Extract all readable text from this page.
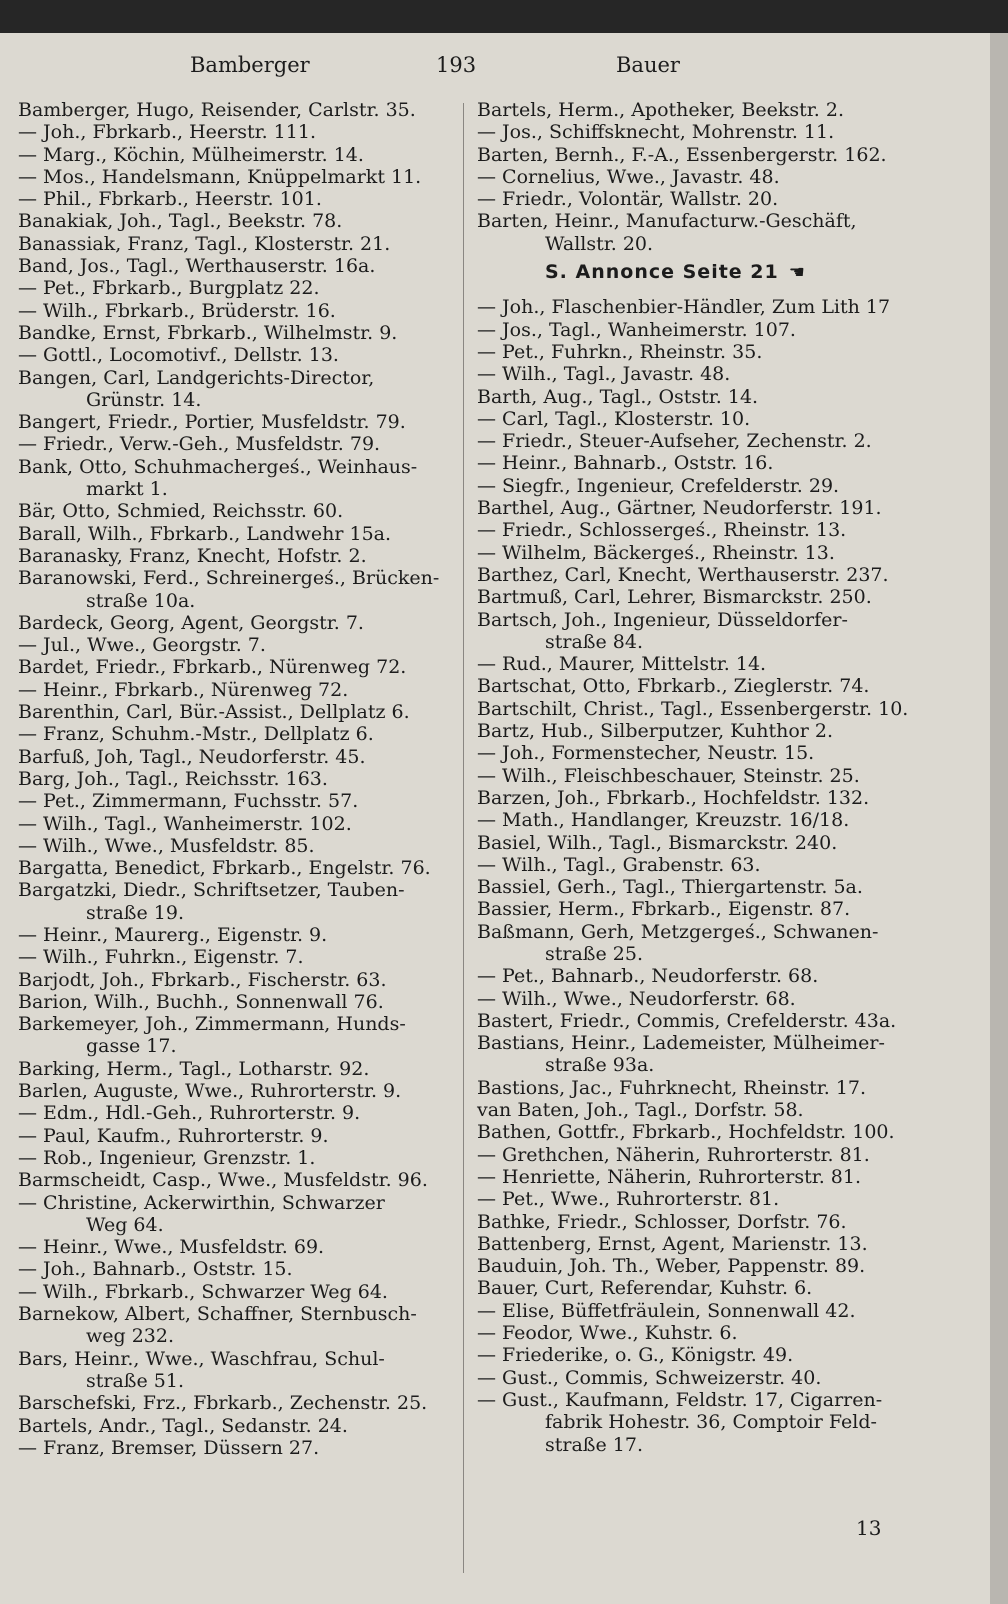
Bamberger	193	Bauer
Bamberger, Hugo, Reisender, Carlstr. 35.
— Joh., Fbrkarb., Heerstr. 111.
— Marg., Köchin, Mülheimerstr. 14.
— Mos., Handelsmann, Knüppelmarkt 11.
— Phil., Fbrkarb., Heerstr. 101.
Banakiak, Joh., Tagl., Beekstr. 78.
Banassiak, Franz, Tagl., Klosterstr. 21.
Band, Jos., Tagl., Werthauserstr. 16a.
— Pet., Fbrkarb., Burgplatz 22.
— Wilh., Fbrkarb., Brüderstr. 16.
Bandke, Ernst, Fbrkarb., Wilhelmstr. 9.
— Gottl., Locomotivf., Dellstr. 13.
Bangen, Carl, Landgerichts-Director,
Grünstr. 14.
Bangert, Friedr., Portier, Musfeldstr. 79.
— Friedr., Verw.-Geh., Musfeldstr. 79.
Bank, Otto, Schuhmachergeś., Weinhaus-
markt 1.
Bär, Otto, Schmied, Reichsstr. 60.
Barall, Wilh., Fbrkarb., Landwehr 15a.
Baranasky, Franz, Knecht, Hofstr. 2.
Baranowski, Ferd., Schreinergeś., Brücken-
straße 10a.
Bardeck, Georg, Agent, Georgstr. 7.
— Jul., Wwe., Georgstr. 7.
Bardet, Friedr., Fbrkarb., Nürenweg 72.
— Heinr., Fbrkarb., Nürenweg 72.
Barenthin, Carl, Bür.-Assist., Dellplatz 6.
— Franz, Schuhm.-Mstr., Dellplatz 6.
Barfuß, Joh, Tagl., Neudorferstr. 45.
Barg, Joh., Tagl., Reichsstr. 163.
— Pet., Zimmermann, Fuchsstr. 57.
— Wilh., Tagl., Wanheimerstr. 102.
— Wilh., Wwe., Musfeldstr. 85.
Bargatta, Benedict, Fbrkarb., Engelstr. 76.
Bargatzki, Diedr., Schriftsetzer, Tauben-
straße 19.
— Heinr., Maurerg., Eigenstr. 9.
— Wilh., Fuhrkn., Eigenstr. 7.
Barjodt, Joh., Fbrkarb., Fischerstr. 63.
Barion, Wilh., Buchh., Sonnenwall 76.
Barkemeyer, Joh., Zimmermann, Hunds-
gasse 17.
Barking, Herm., Tagl., Lotharstr. 92.
Barlen, Auguste, Wwe., Ruhrorterstr. 9.
— Edm., Hdl.-Geh., Ruhrorterstr. 9.
— Paul, Kaufm., Ruhrorterstr. 9.
— Rob., Ingenieur, Grenzstr. 1.
Barmscheidt, Casp., Wwe., Musfeldstr. 96.
— Christine, Ackerwirthin, Schwarzer
Weg 64.
— Heinr., Wwe., Musfeldstr. 69.
— Joh., Bahnarb., Oststr. 15.
— Wilh., Fbrkarb., Schwarzer Weg 64.
Barnekow, Albert, Schaffner, Sternbusch-
weg 232.
Bars, Heinr., Wwe., Waschfrau, Schul-
straße 51.
Barschefski, Frz., Fbrkarb., Zechenstr. 25.
Bartels, Andr., Tagl., Sedanstr. 24.
— Franz, Bremser, Düssern 27.
Bartels, Herm., Apotheker, Beekstr. 2.
— Jos., Schiffsknecht, Mohrenstr. 11.
Barten, Bernh., F.-A., Essenbergerstr. 162.
— Cornelius, Wwe., Javastr. 48.
— Friedr., Volontär, Wallstr. 20.
Barten, Heinr., Manufacturw.-Geschäft,
Wallstr. 20.
S. Annonce Seite 21 ☚
— Joh., Flaschenbier-Händler, Zum Lith 17
— Jos., Tagl., Wanheimerstr. 107.
— Pet., Fuhrkn., Rheinstr. 35.
— Wilh., Tagl., Javastr. 48.
Barth, Aug., Tagl., Oststr. 14.
— Carl, Tagl., Klosterstr. 10.
— Friedr., Steuer-Aufseher, Zechenstr. 2.
— Heinr., Bahnarb., Oststr. 16.
— Siegfr., Ingenieur, Crefelderstr. 29.
Barthel, Aug., Gärtner, Neudorferstr. 191.
— Friedr., Schlossergeś., Rheinstr. 13.
— Wilhelm, Bäckergeś., Rheinstr. 13.
Barthez, Carl, Knecht, Werthauserstr. 237.
Bartmuß, Carl, Lehrer, Bismarckstr. 250.
Bartsch, Joh., Ingenieur, Düsseldorfer-
straße 84.
— Rud., Maurer, Mittelstr. 14.
Bartschat, Otto, Fbrkarb., Zieglerstr. 74.
Bartschilt, Christ., Tagl., Essenbergerstr. 10.
Bartz, Hub., Silberputzer, Kuhthor 2.
— Joh., Formenstecher, Neustr. 15.
— Wilh., Fleischbeschauer, Steinstr. 25.
Barzen, Joh., Fbrkarb., Hochfeldstr. 132.
— Math., Handlanger, Kreuzstr. 16/18.
Basiel, Wilh., Tagl., Bismarckstr. 240.
— Wilh., Tagl., Grabenstr. 63.
Bassiel, Gerh., Tagl., Thiergartenstr. 5a.
Bassier, Herm., Fbrkarb., Eigenstr. 87.
Baßmann, Gerh, Metzgergeś., Schwanen-
straße 25.
— Pet., Bahnarb., Neudorferstr. 68.
— Wilh., Wwe., Neudorferstr. 68.
Bastert, Friedr., Commis, Crefelderstr. 43a.
Bastians, Heinr., Lademeister, Mülheimer-
straße 93a.
Bastions, Jac., Fuhrknecht, Rheinstr. 17.
van Baten, Joh., Tagl., Dorfstr. 58.
Bathen, Gottfr., Fbrkarb., Hochfeldstr. 100.
— Grethchen, Näherin, Ruhrorterstr. 81.
— Henriette, Näherin, Ruhrorterstr. 81.
— Pet., Wwe., Ruhrorterstr. 81.
Bathke, Friedr., Schlosser, Dorfstr. 76.
Battenberg, Ernst, Agent, Marienstr. 13.
Bauduin, Joh. Th., Weber, Pappenstr. 89.
Bauer, Curt, Referendar, Kuhstr. 6.
— Elise, Büffetfräulein, Sonnenwall 42.
— Feodor, Wwe., Kuhstr. 6.
— Friederike, o. G., Königstr. 49.
— Gust., Commis, Schweizerstr. 40.
— Gust., Kaufmann, Feldstr. 17, Cigarren-
fabrik Hohestr. 36, Comptoir Feld-
straße 17.
13
